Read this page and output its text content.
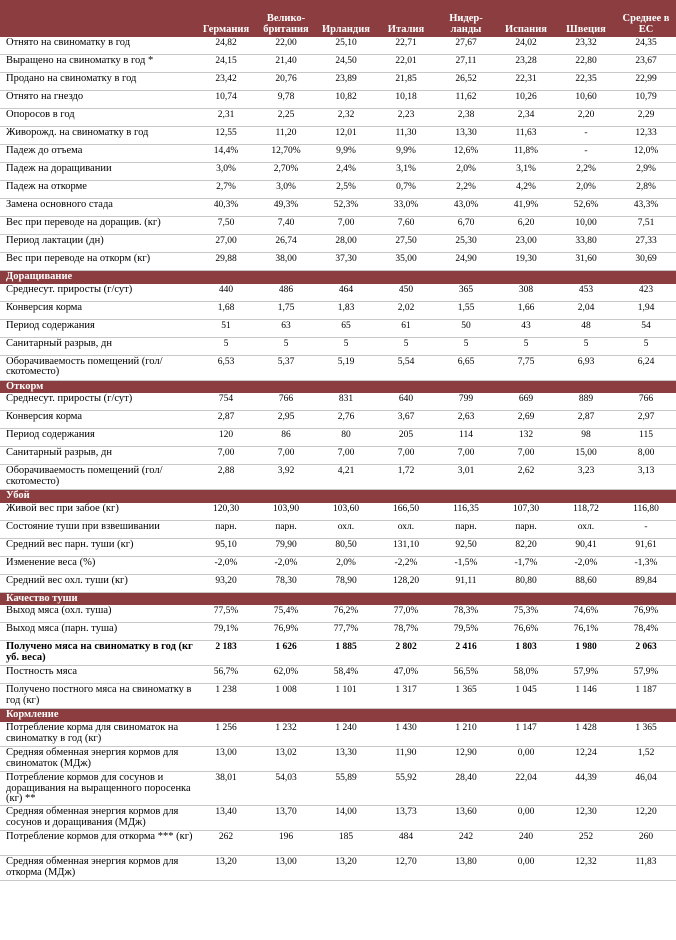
	Германия	Велико-британия	Ирландия	Италия	Нидер-ланды	Испания	Швеция	Среднее в ЕС
Отнято на свиноматку в год	24,82	22,00	25,10	22,71	27,67	24,02	23,32	24,35
Выращено на свиноматку в год *	24,15	21,40	24,50	22,01	27,11	23,28	22,80	23,67
Продано на свиноматку в год	23,42	20,76	23,89	21,85	26,52	22,31	22,35	22,99
Отнято на гнездо	10,74	9,78	10,82	10,18	11,62	10,26	10,60	10,79
Опоросов в год	2,31	2,25	2,32	2,23	2,38	2,34	2,20	2,29
Живорожд. на свиноматку в год	12,55	11,20	12,01	11,30	13,30	11,63	-	12,33
Падеж до отъема	14,4%	12,70%	9,9%	9,9%	12,6%	11,8%	-	12,0%
Падеж на доращивании	3,0%	2,70%	2,4%	3,1%	2,0%	3,1%	2,2%	2,9%
Падеж на откорме	2,7%	3,0%	2,5%	0,7%	2,2%	4,2%	2,0%	2,8%
Замена основного стада	40,3%	49,3%	52,3%	33,0%	43,0%	41,9%	52,6%	43,3%
Вес при переводе на доращив. (кг)	7,50	7,40	7,00	7,60	6,70	6,20	10,00	7,51
Период лактации (дн)	27,00	26,74	28,00	27,50	25,30	23,00	33,80	27,33
Вес при переводе на откорм (кг)	29,88	38,00	37,30	35,00	24,90	19,30	31,60	30,69
Доращивание								
Среднесут. приросты (г/сут)	440	486	464	450	365	308	453	423
Конверсия корма	1,68	1,75	1,83	2,02	1,55	1,66	2,04	1,94
Период содержания	51	63	65	61	50	43	48	54
Санитарный разрыв, дн	5	5	5	5	5	5	5	5
Оборачиваемость помещений (гол/скотоместо)	6,53	5,37	5,19	5,54	6,65	7,75	6,93	6,24
Откорм								
Среднесут. приросты (г/сут)	754	766	831	640	799	669	889	766
Конверсия корма	2,87	2,95	2,76	3,67	2,63	2,69	2,87	2,97
Период содержания	120	86	80	205	114	132	98	115
Санитарный разрыв, дн	7,00	7,00	7,00	7,00	7,00	7,00	15,00	8,00
Оборачиваемость помещений (гол/скотоместо)	2,88	3,92	4,21	1,72	3,01	2,62	3,23	3,13
Убой								
Живой вес при забое (кг)	120,30	103,90	103,60	166,50	116,35	107,30	118,72	116,80
Состояние туши при взвешивании	парн.	парн.	охл.	охл.	парн.	парн.	охл.	-
Средний вес парн. туши (кг)	95,10	79,90	80,50	131,10	92,50	82,20	90,41	91,61
Изменение веса (%)	-2,0%	-2,0%	2,0%	-2,2%	-1,5%	-1,7%	-2,0%	-1,3%
Средний вес охл. туши (кг)	93,20	78,30	78,90	128,20	91,11	80,80	88,60	89,84
Качество туши								
Выход мяса (охл. туша)	77,5%	75,4%	76,2%	77,0%	78,3%	75,3%	74,6%	76,9%
Выход мяса (парн. туша)	79,1%	76,9%	77,7%	78,7%	79,5%	76,6%	76,1%	78,4%
Получено мяса на свиноматку в год (кг уб. веса)	2 183	1 626	1 885	2 802	2 416	1 803	1 980	2 063
Постность мяса	56,7%	62,0%	58,4%	47,0%	56,5%	58,0%	57,9%	57,9%
Получено постного мяса на свиноматку в год (кг)	1 238	1 008	1 101	1 317	1 365	1 045	1 146	1 187
Кормление								
Потребление корма для свиноматок на свиноматку в год (кг)	1 256	1 232	1 240	1 430	1 210	1 147	1 428	1 365
Средняя обменная энергия кормов для свиноматок (МДж)	13,00	13,02	13,30	11,90	12,90	0,00	12,24	1,52
Потребление кормов для сосунов и доращивания на выращенного поросенка (кг) **	38,01	54,03	55,89	55,92	28,40	22,04	44,39	46,04
Средняя обменная энергия кормов для сосунов и доращивания (МДж)	13,40	13,70	14,00	13,73	13,60	0,00	12,30	12,20
Потребление кормов для откорма *** (кг)	262	196	185	484	242	240	252	260
Средняя обменная энергия кормов для откорма (МДж)	13,20	13,00	13,20	12,70	13,80	0,00	12,32	11,83
